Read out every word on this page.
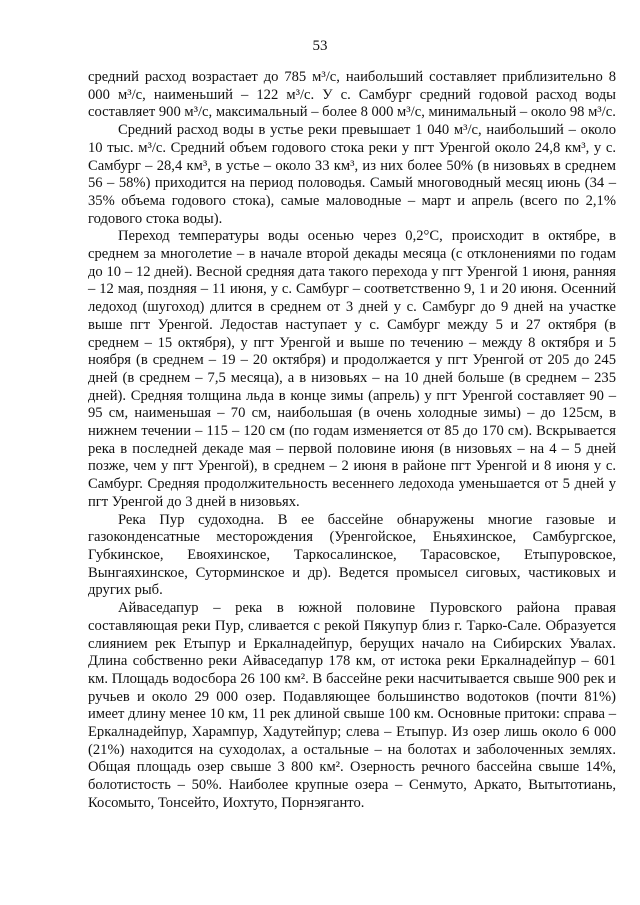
53

средний расход возрастает до 785 м³/с, наибольший составляет приблизительно 8 000 м³/с, наименьший – 122 м³/с. У с. Самбург средний годовой расход воды составляет 900 м³/с, максимальный – более 8 000 м³/с, минимальный – около 98 м³/с.

Средний расход воды в устье реки превышает 1 040 м³/с, наибольший – около 10 тыс. м³/с. Средний объем годового стока реки у пгт Уренгой около 24,8 км³, у с. Самбург – 28,4 км³, в устье – около 33 км³, из них более 50% (в низовьях в среднем 56 – 58%) приходится на период половодья. Самый многоводный месяц июнь (34 – 35% объема годового стока), самые маловодные – март и апрель (всего по 2,1% годового стока воды).

Переход температуры воды осенью через 0,2°С, происходит в октябре, в среднем за многолетие – в начале второй декады месяца (с отклонениями по годам до 10 – 12 дней). Весной средняя дата такого перехода у пгт Уренгой 1 июня, ранняя – 12 мая, поздняя – 11 июня, у с. Самбург – соответственно 9, 1 и 20 июня. Осенний ледоход (шугоход) длится в среднем от 3 дней у с. Самбург до 9 дней на участке выше пгт Уренгой. Ледостав наступает у с. Самбург между 5 и 27 октября (в среднем – 15 октября), у пгт Уренгой и выше по течению – между 8 октября и 5 ноября (в среднем – 19 – 20 октября) и продолжается у пгт Уренгой от 205 до 245 дней (в среднем – 7,5 месяца), а в низовьях – на 10 дней больше (в среднем – 235 дней). Средняя толщина льда в конце зимы (апрель) у пгт Уренгой составляет 90 – 95 см, наименьшая – 70 см, наибольшая (в очень холодные зимы) – до 125см, в нижнем течении – 115 – 120 см (по годам изменяется от 85 до 170 см). Вскрывается река в последней декаде мая – первой половине июня (в низовьях – на 4 – 5 дней позже, чем у пгт Уренгой), в среднем – 2 июня в районе пгт Уренгой и 8 июня у с. Самбург. Средняя продолжительность весеннего ледохода уменьшается от 5 дней у пгт Уренгой до 3 дней в низовьях.

Река Пур судоходна. В ее бассейне обнаружены многие газовые и газоконденсатные месторождения (Уренгойское, Еньяхинское, Самбургское, Губкинское, Евояхинское, Таркосалинское, Тарасовское, Етыпуровское, Вынгаяхинское, Суторминское и др). Ведется промысел сиговых, частиковых и других рыб.

Айваседапур – река в южной половине Пуровского района правая составляющая реки Пур, сливается с рекой Пякупур близ г. Тарко-Сале. Образуется слиянием рек Етыпур и Еркалнадейпур, берущих начало на Сибирских Увалах. Длина собственно реки Айваседапур 178 км, от истока реки Еркалнадейпур – 601 км. Площадь водосбора 26 100 км². В бассейне реки насчитывается свыше 900 рек и ручьев и около 29 000 озер. Подавляющее большинство водотоков (почти 81%) имеет длину менее 10 км, 11 рек длиной свыше 100 км. Основные притоки: справа – Еркалнадейпур, Харампур, Хадутейпур; слева – Етыпур. Из озер лишь около 6 000 (21%) находится на суходолах, а остальные – на болотах и заболоченных землях. Общая площадь озер свыше 3 800 км². Озерность речного бассейна свыше 14%, болотистость – 50%. Наиболее крупные озера – Сенмуто, Аркато, Вытытотиань, Косомыто, Тонсейто, Иохтуто, Порнэяганто.
